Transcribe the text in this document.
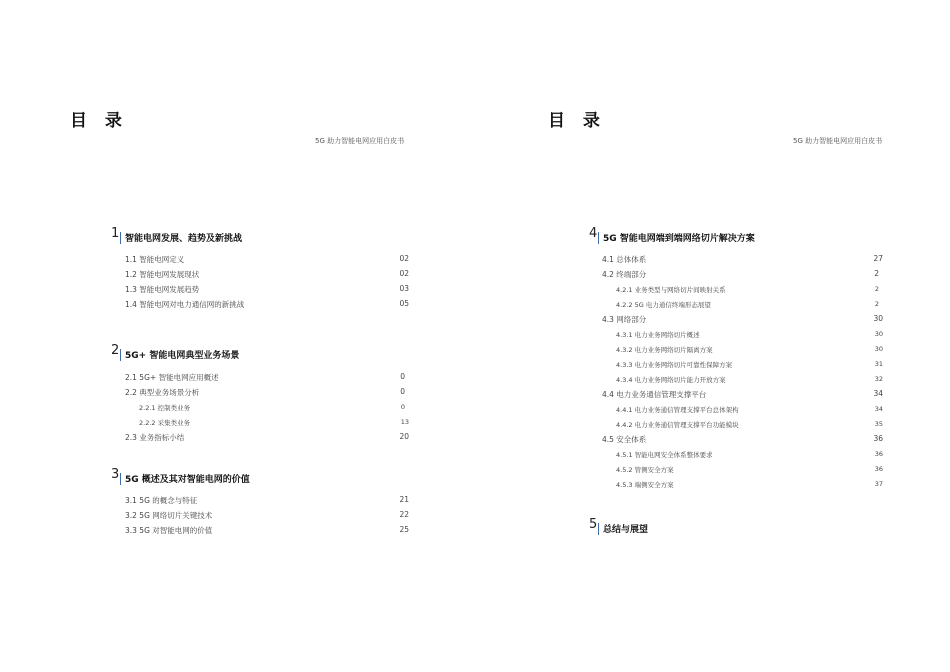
目 录
5G 助力智能电网应用白皮书
1 智能电网发展、趋势及新挑战
1.1 智能电网定义	02
1.2 智能电网发展现状	02
1.3 智能电网发展趋势	03
1.4 智能电网对电力通信网的新挑战	05
2 5G+ 智能电网典型业务场景
2.1 5G+ 智能电网应用概述	0
2.2 典型业务场景分析	0
2.2.1 控制类业务	0
2.2.2 采集类业务	13
2.3 业务指标小结	20
3 5G 概述及其对智能电网的价值
3.1 5G 的概念与特征	21
3.2 5G 网络切片关键技术	22
3.3 5G 对智能电网的价值	25
目 录
5G 助力智能电网应用白皮书
4 5G 智能电网端到端网络切片解决方案
4.1 总体体系	27
4.2 终端部分	2
4.2.1 业务类型与网络切片间映射关系	2
4.2.2 5G 电力通信终端形态展望	2
4.3 网络部分	30
4.3.1 电力业务网络切片概述	30
4.3.2 电力业务网络切片隔离方案	30
4.3.3 电力业务网络切片可靠性保障方案	31
4.3.4 电力业务网络切片能力开放方案	32
4.4 电力业务通信管理支撑平台	34
4.4.1 电力业务通信管理支撑平台总体架构	34
4.4.2 电力业务通信管理支撑平台功能模块	35
4.5 安全体系	36
4.5.1 智能电网安全体系整体要求	36
4.5.2 管侧安全方案	36
4.5.3 端侧安全方案	37
5 总结与展望
